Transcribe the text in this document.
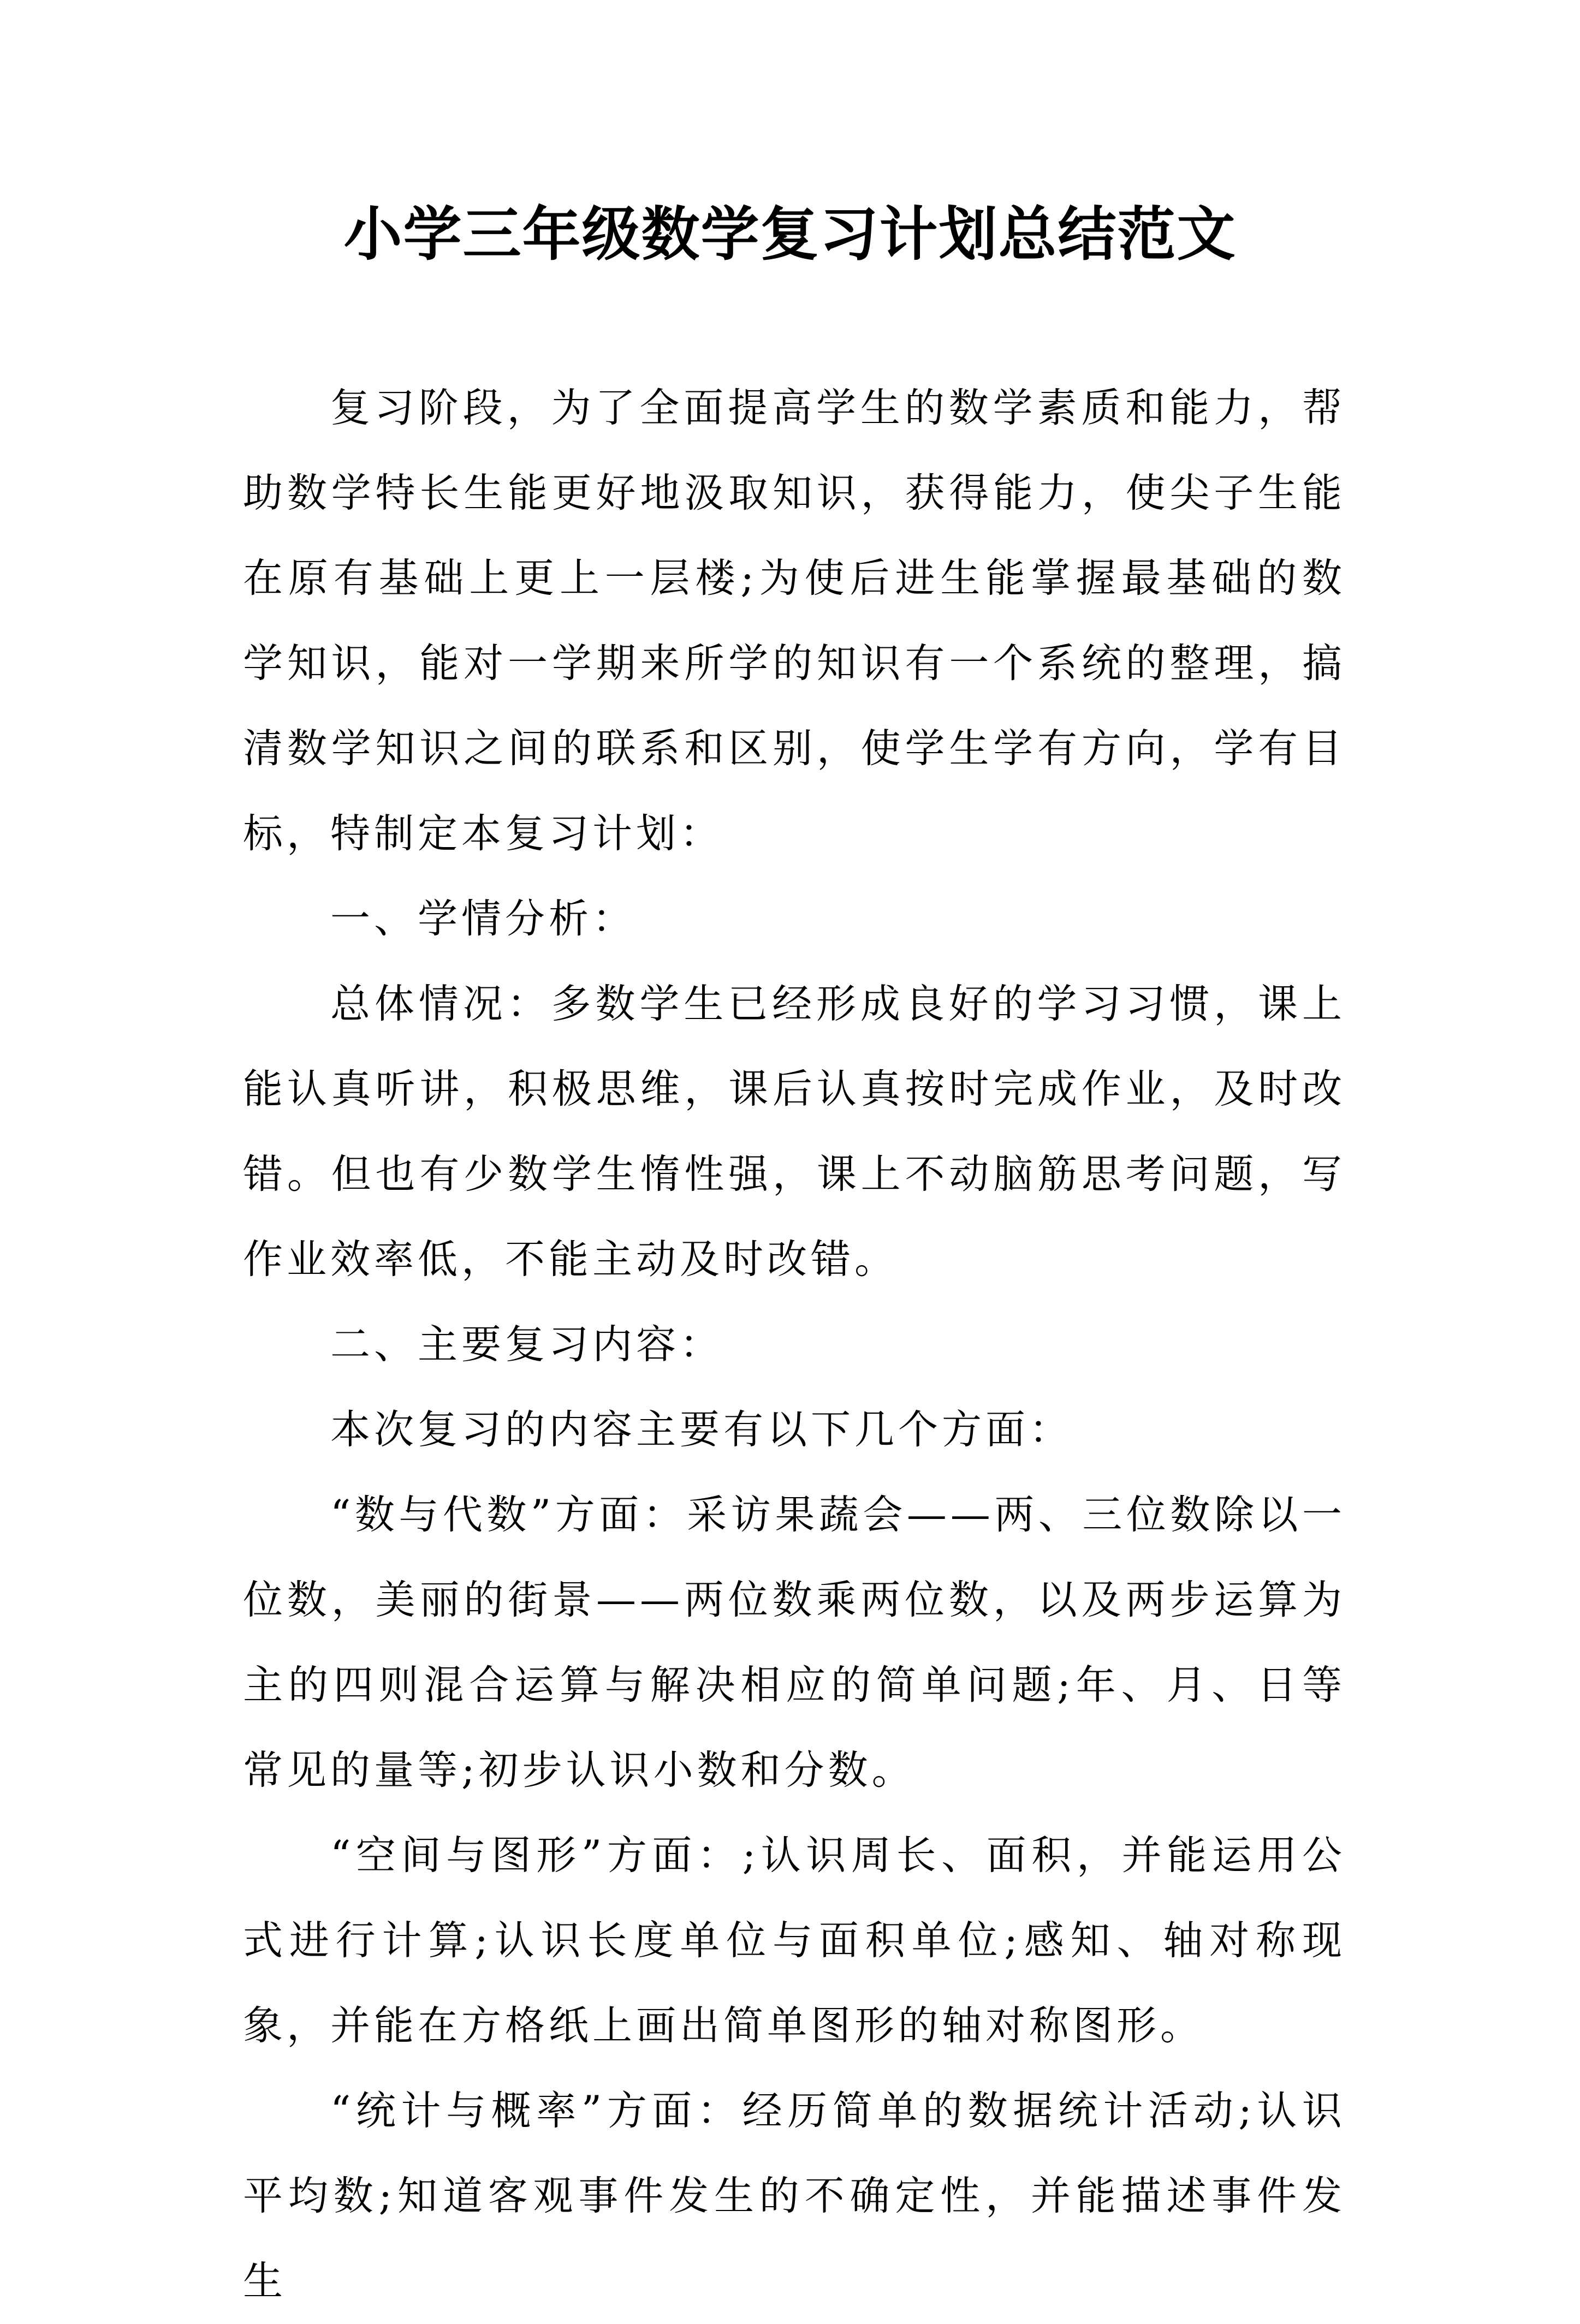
小学三年级数学复习计划总结范文

复习阶段，为了全面提高学生的数学素质和能力，帮助数学特长生能更好地汲取知识，获得能力，使尖子生能在原有基础上更上一层楼;为使后进生能掌握最基础的数学知识，能对一学期来所学的知识有一个系统的整理，搞清数学知识之间的联系和区别，使学生学有方向，学有目标，特制定本复习计划：

一、学情分析：

总体情况：多数学生已经形成良好的学习习惯，课上能认真听讲，积极思维，课后认真按时完成作业，及时改错。但也有少数学生惰性强，课上不动脑筋思考问题，写作业效率低，不能主动及时改错。

二、主要复习内容：

本次复习的内容主要有以下几个方面：

“数与代数”方面：采访果蔬会——两、三位数除以一位数，美丽的街景——两位数乘两位数，以及两步运算为主的四则混合运算与解决相应的简单问题;年、月、日等常见的量等;初步认识小数和分数。

“空间与图形”方面：;认识周长、面积，并能运用公式进行计算;认识长度单位与面积单位;感知、轴对称现象，并能在方格纸上画出简单图形的轴对称图形。

“统计与概率”方面：经历简单的数据统计活动;认识平均数;知道客观事件发生的不确定性，并能描述事件发生
